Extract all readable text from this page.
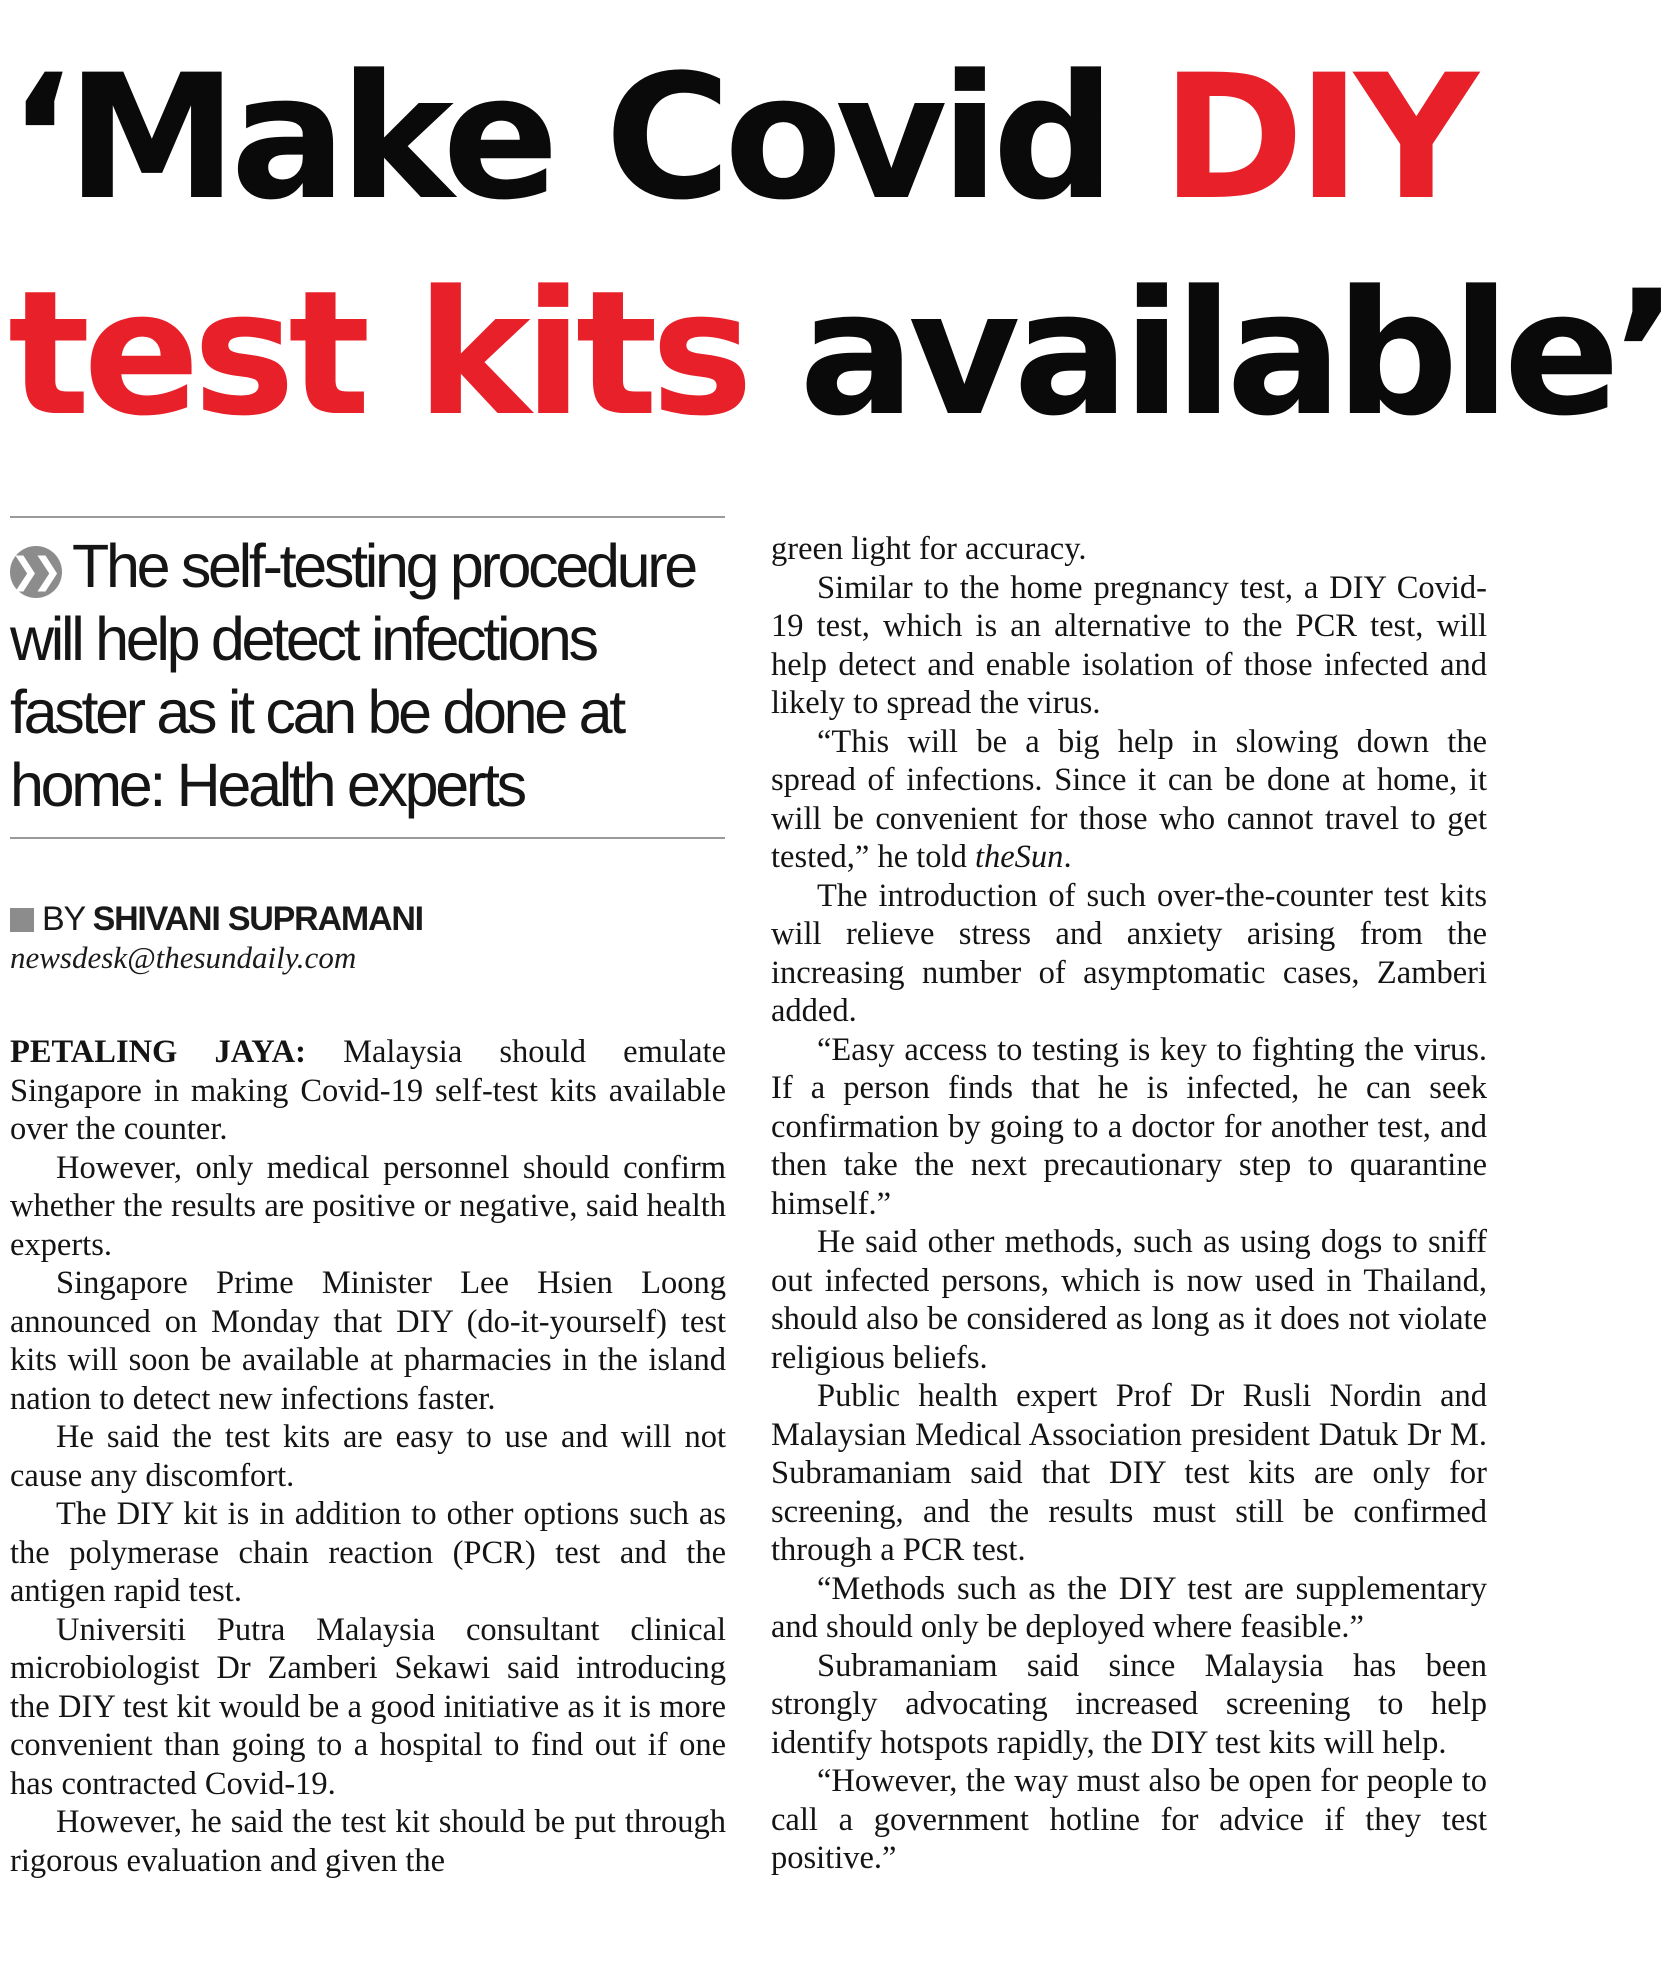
‘Make Covid DIY
test kits available’
❯❯ The self-testing procedure will help detect infections faster as it can be done at home: Health experts
BY SHIVANI SUPRAMANI
newsdesk@thesundaily.com

PETALING JAYA: Malaysia should emulate Singapore in making Covid-19 self-test kits available over the counter.

However, only medical personnel should confirm whether the results are positive or negative, said health experts.

Singapore Prime Minister Lee Hsien Loong announced on Monday that DIY (do-it-yourself) test kits will soon be available at pharmacies in the island nation to detect new infections faster.

He said the test kits are easy to use and will not cause any discomfort.

The DIY kit is in addition to other options such as the polymerase chain reaction (PCR) test and the antigen rapid test.

Universiti Putra Malaysia consultant clinical microbiologist Dr Zamberi Sekawi said introducing the DIY test kit would be a good initiative as it is more convenient than going to a hospital to find out if one has contracted Covid-19.

However, he said the test kit should be put through rigorous evaluation and given the

green light for accuracy.

Similar to the home pregnancy test, a DIY Covid-19 test, which is an alternative to the PCR test, will help detect and enable isolation of those infected and likely to spread the virus.

“This will be a big help in slowing down the spread of infections. Since it can be done at home, it will be convenient for those who cannot travel to get tested,” he told theSun.

The introduction of such over-the-counter test kits will relieve stress and anxiety arising from the increasing number of asymptomatic cases, Zamberi added.

“Easy access to testing is key to fighting the virus. If a person finds that he is infected, he can seek confirmation by going to a doctor for another test, and then take the next precautionary step to quarantine himself.”

He said other methods, such as using dogs to sniff out infected persons, which is now used in Thailand, should also be considered as long as it does not violate religious beliefs.

Public health expert Prof Dr Rusli Nordin and Malaysian Medical Association president Datuk Dr M. Subramaniam said that DIY test kits are only for screening, and the results must still be confirmed through a PCR test.

“Methods such as the DIY test are supplementary and should only be deployed where feasible.”

Subramaniam said since Malaysia has been strongly advocating increased screening to help identify hotspots rapidly, the DIY test kits will help.

“However, the way must also be open for people to call a government hotline for advice if they test positive.”
